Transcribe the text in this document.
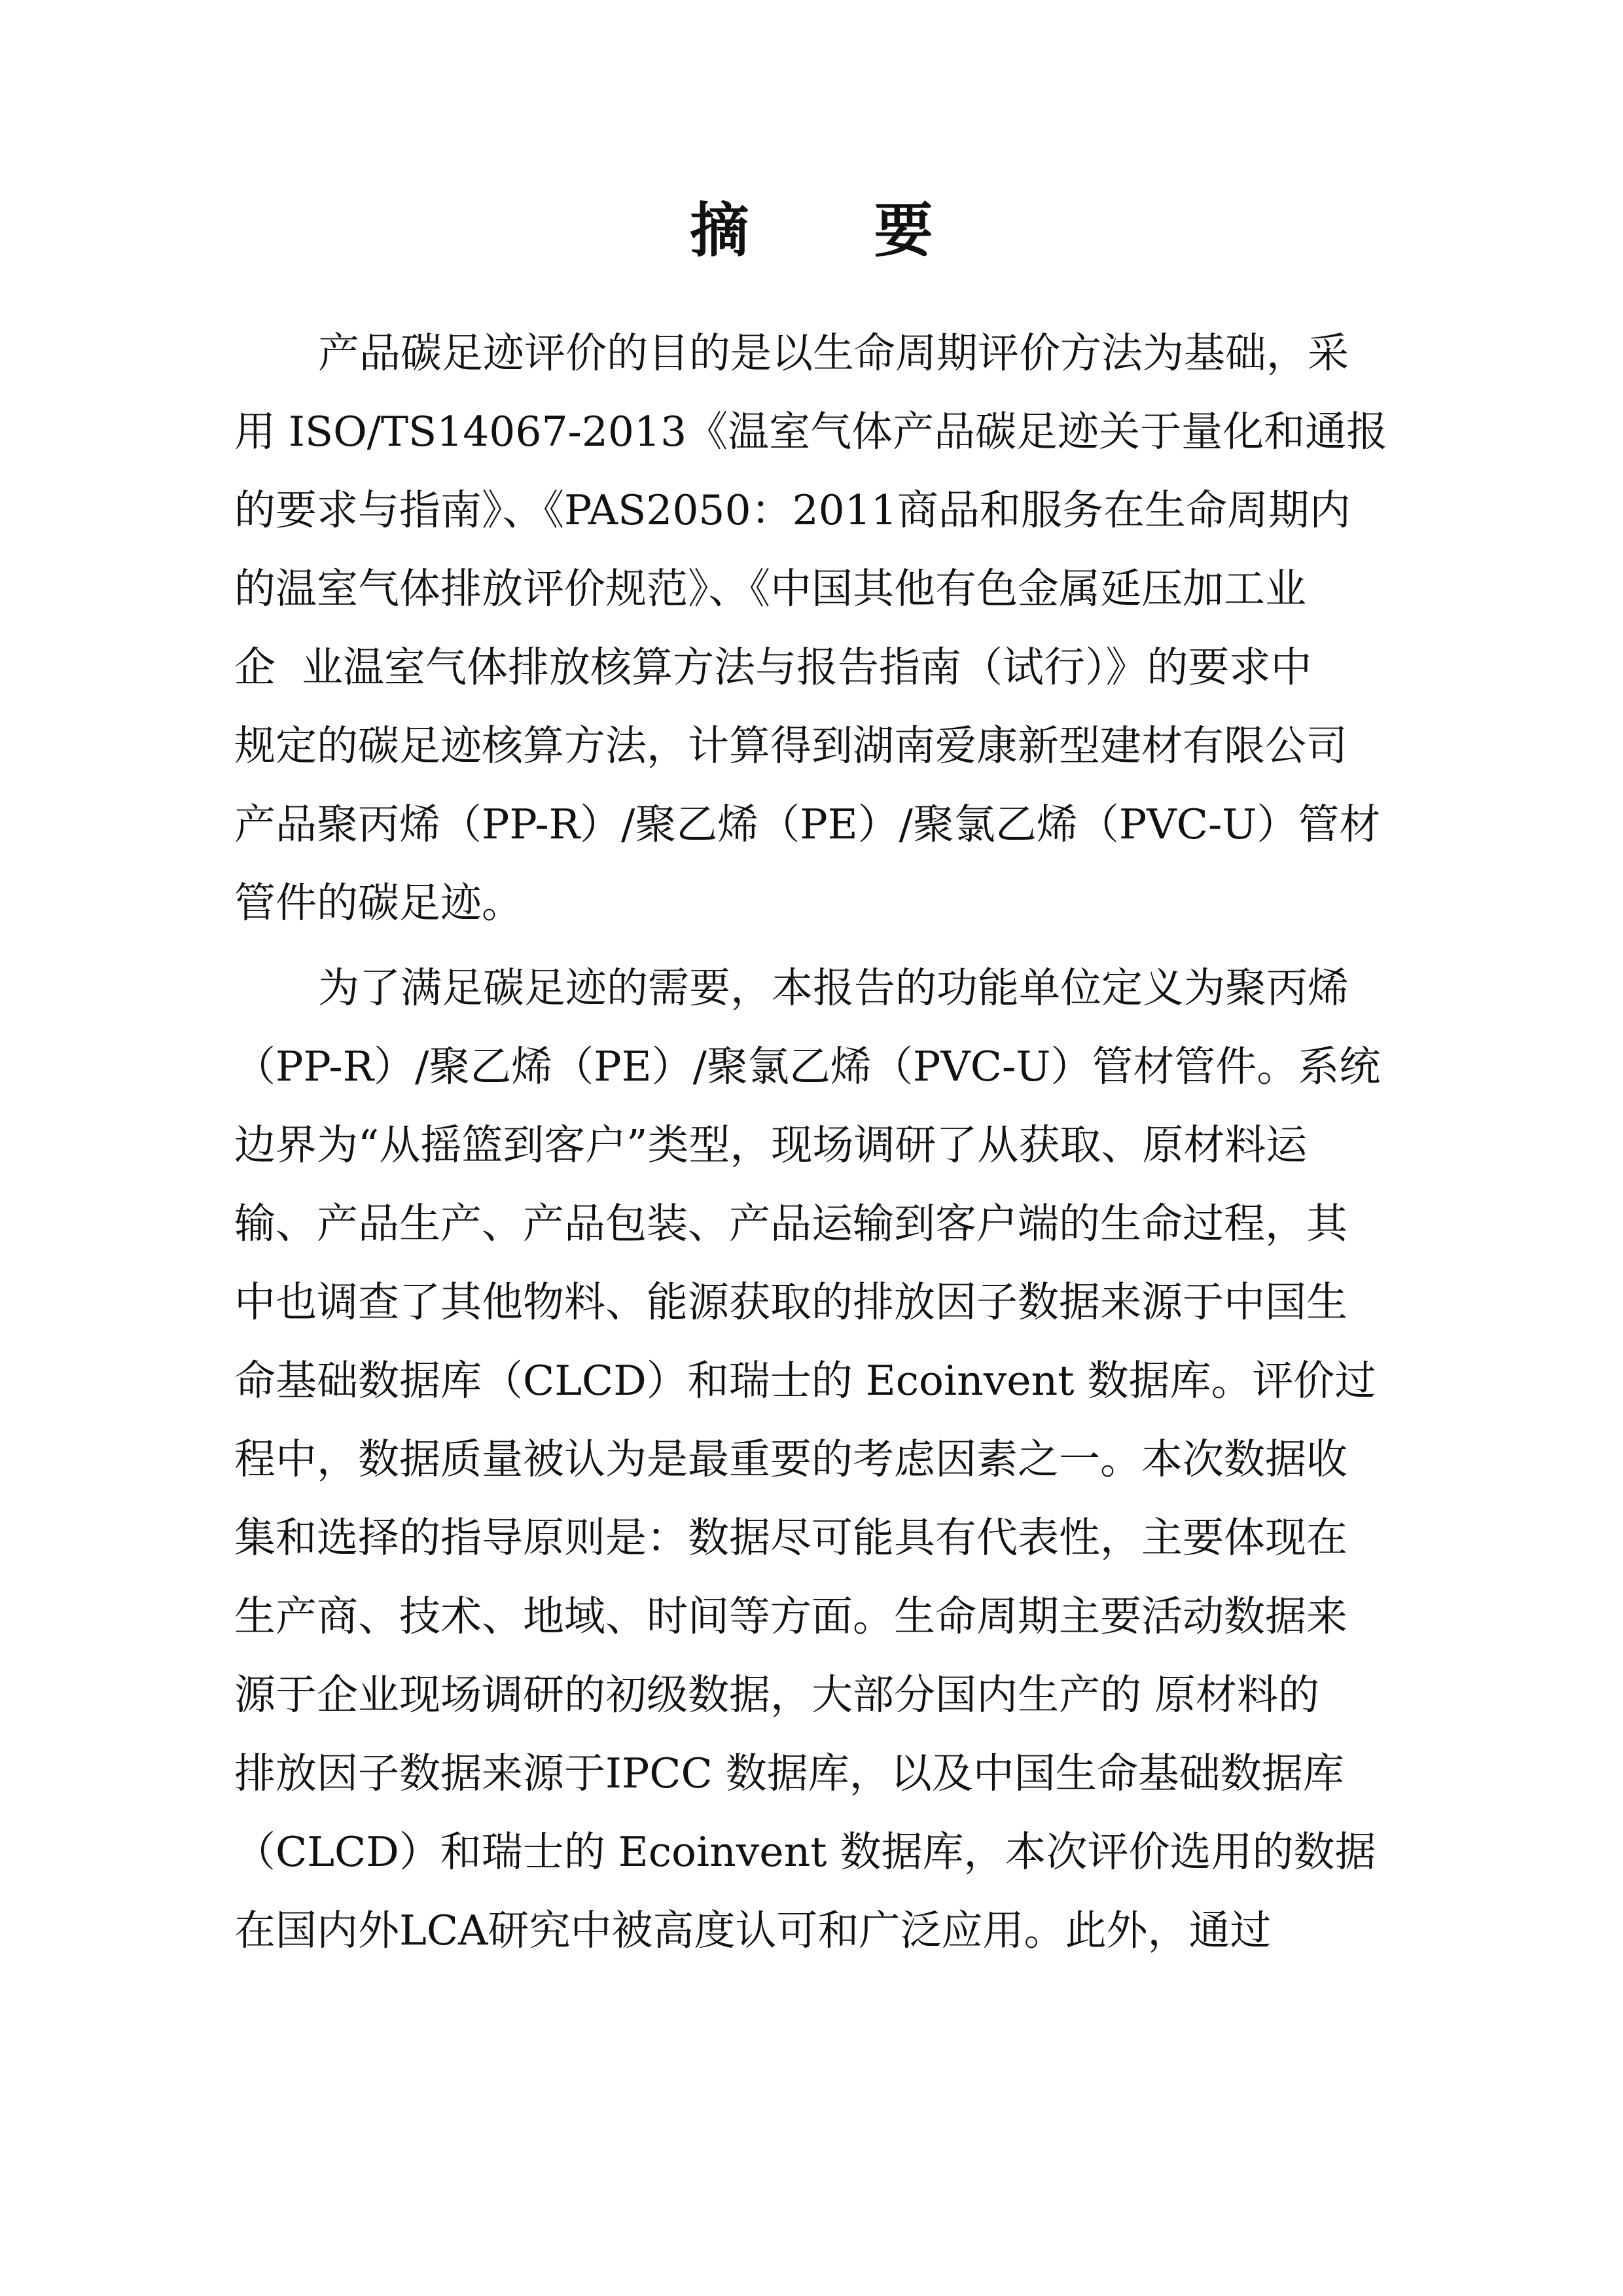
摘 要
产品碳足迹评价的目的是以生命周期评价方法为基础，采
用 ISO/TS14067-2013《温室气体产品碳足迹关于量化和通报
的要求与指南》、《PAS2050：2011商品和服务在生命周期内
的温室气体排放评价规范》、《中国其他有色金属延压加工业
企  业温室气体排放核算方法与报告指南（试行）》的要求中
规定的碳足迹核算方法，计算得到湖南爱康新型建材有限公司
产品聚丙烯（PP-R）/聚乙烯（PE）/聚氯乙烯（PVC-U）管材
管件的碳足迹。
为了满足碳足迹的需要，本报告的功能单位定义为聚丙烯
（PP-R）/聚乙烯（PE）/聚氯乙烯（PVC-U）管材管件。系统
边界为“从摇篮到客户”类型，现场调研了从获取、原材料运
输、产品生产、产品包装、产品运输到客户端的生命过程，其
中也调查了其他物料、能源获取的排放因子数据来源于中国生
命基础数据库（CLCD）和瑞士的 Ecoinvent 数据库。评价过
程中，数据质量被认为是最重要的考虑因素之一。本次数据收
集和选择的指导原则是：数据尽可能具有代表性，主要体现在
生产商、技术、地域、时间等方面。生命周期主要活动数据来
源于企业现场调研的初级数据，大部分国内生产的 原材料的
排放因子数据来源于IPCC 数据库，以及中国生命基础数据库
（CLCD）和瑞士的 Ecoinvent 数据库，本次评价选用的数据
在国内外LCA研究中被高度认可和广泛应用。此外，通过
